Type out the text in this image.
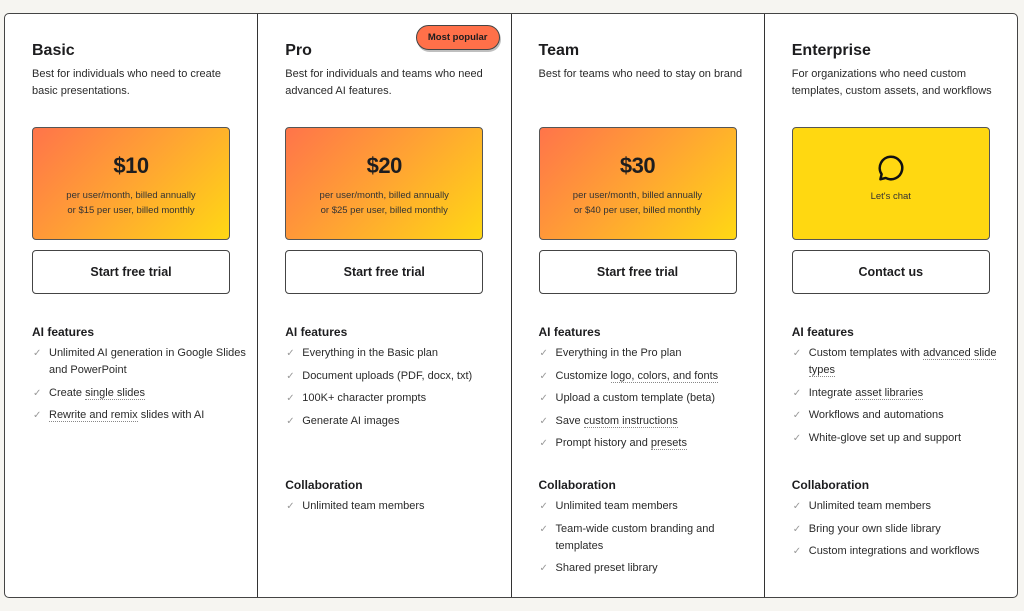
Basic
Best for individuals who need to create basic presentations.
$10
per user/month, billed annually
or $15 per user, billed monthly
Start free trial
AI features
✓ Unlimited AI generation in Google Slides and PowerPoint
✓ Create single slides
✓ Rewrite and remix slides with AI
Most popular
Pro
Best for individuals and teams who need advanced AI features.
$20
per user/month, billed annually
or $25 per user, billed monthly
Start free trial
AI features
✓ Everything in the Basic plan
✓ Document uploads (PDF, docx, txt)
✓ 100K+ character prompts
✓ Generate AI images
Collaboration
✓ Unlimited team members
Team
Best for teams who need to stay on brand
$30
per user/month, billed annually
or $40 per user, billed monthly
Start free trial
AI features
✓ Everything in the Pro plan
✓ Customize logo, colors, and fonts
✓ Upload a custom template (beta)
✓ Save custom instructions
✓ Prompt history and presets
Collaboration
✓ Unlimited team members
✓ Team-wide custom branding and templates
✓ Shared preset library
Enterprise
For organizations who need custom templates, custom assets, and workflows
Let's chat
Contact us
AI features
✓ Custom templates with advanced slide types
✓ Integrate asset libraries
✓ Workflows and automations
✓ White-glove set up and support
Collaboration
✓ Unlimited team members
✓ Bring your own slide library
✓ Custom integrations and workflows
